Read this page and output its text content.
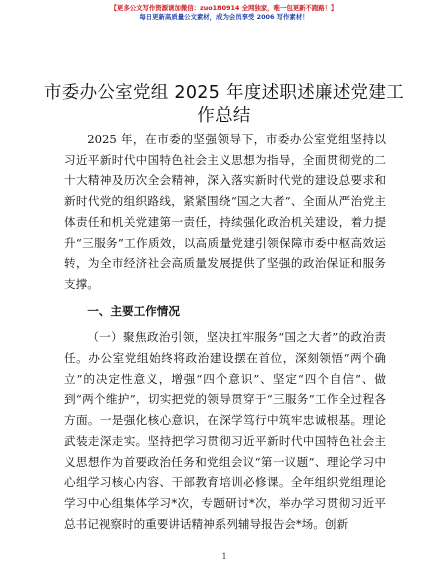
【更多公文写作资源请加微信：zuo180914 全网独家，唯一包更新不跑路！】
每日更新高质量公文素材，成为会员享受 2006 写作素材！
市委办公室党组 2025 年度述职述廉述党建工作总结

2025 年，在市委的坚强领导下，市委办公室党组坚持以习近平新时代中国特色社会主义思想为指导，全面贯彻党的二十大精神及历次全会精神，深入落实新时代党的建设总要求和新时代党的组织路线，紧紧围绕“国之大者”、全面从严治党主体责任和机关党建第一责任，持续强化政治机关建设，着力提升“三服务”工作质效，以高质量党建引领保障市委中枢高效运转，为全市经济社会高质量发展提供了坚强的政治保证和服务支撑。

一、主要工作情况

（一）聚焦政治引领，坚决扛牢服务“国之大者”的政治责任。办公室党组始终将政治建设摆在首位，深刻领悟“两个确立”的决定性意义，增强“四个意识”、坚定“四个自信”、做到“两个维护”，切实把党的领导贯穿于“三服务”工作全过程各方面。一是强化核心意识，在深学笃行中筑牢忠诚根基。理论武装走深走实。坚持把学习贯彻习近平新时代中国特色社会主义思想作为首要政治任务和党组会议“第一议题”、理论学习中心组学习核心内容、干部教育培训必修课。全年组织党组理论学习中心组集体学习*次，专题研讨*次，举办学习贯彻习近平总书记视察时的重要讲话精神系列辅导报告会*场。创新

1
